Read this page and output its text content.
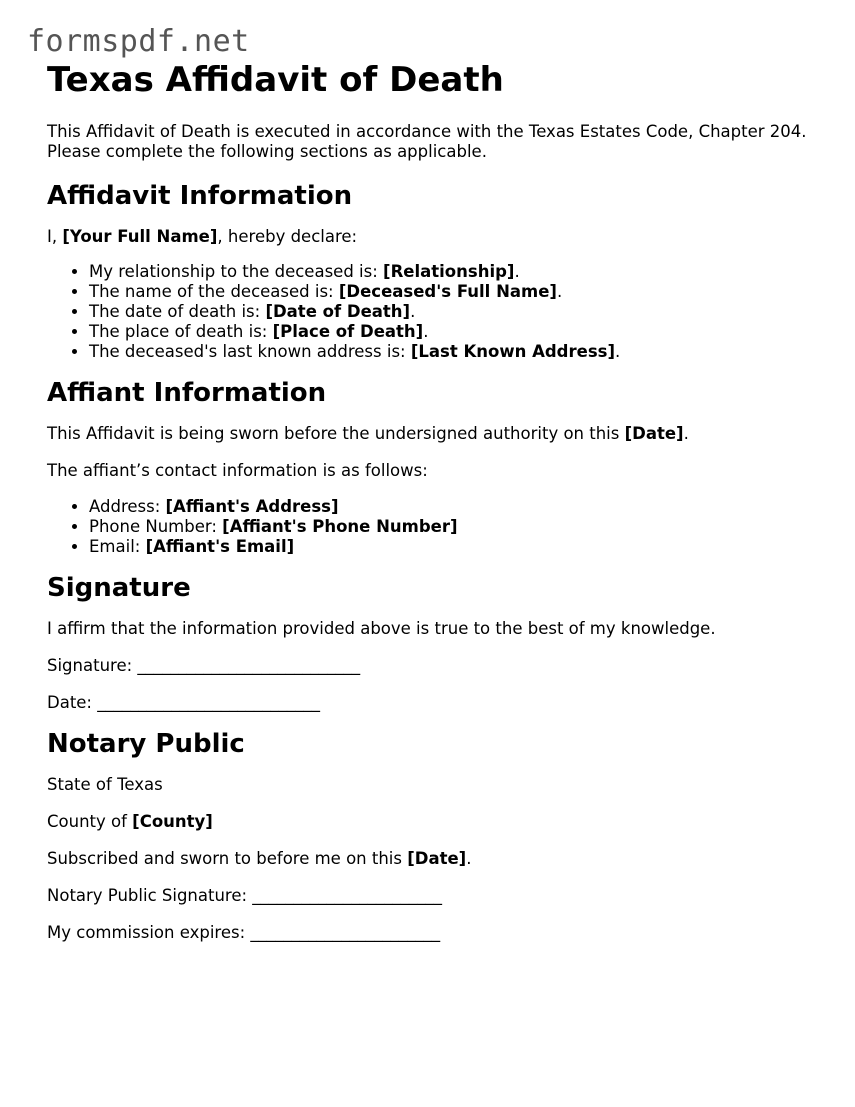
formspdf.net
Texas Affidavit of Death

This Affidavit of Death is executed in accordance with the Texas Estates Code, Chapter 204. Please complete the following sections as applicable.

Affidavit Information

I, [Your Full Name], hereby declare:

• My relationship to the deceased is: [Relationship].
• The name of the deceased is: [Deceased's Full Name].
• The date of death is: [Date of Death].
• The place of death is: [Place of Death].
• The deceased's last known address is: [Last Known Address].
Affiant Information

This Affidavit is being sworn before the undersigned authority on this [Date].

The affiant’s contact information is as follows:

• Address: [Affiant's Address]
• Phone Number: [Affiant's Phone Number]
• Email: [Affiant's Email]
Signature

I affirm that the information provided above is true to the best of my knowledge.

Signature: ___________________________

Date: ___________________________

Notary Public

State of Texas

County of [County]

Subscribed and sworn to before me on this [Date].

Notary Public Signature: _______________________

My commission expires: _______________________
